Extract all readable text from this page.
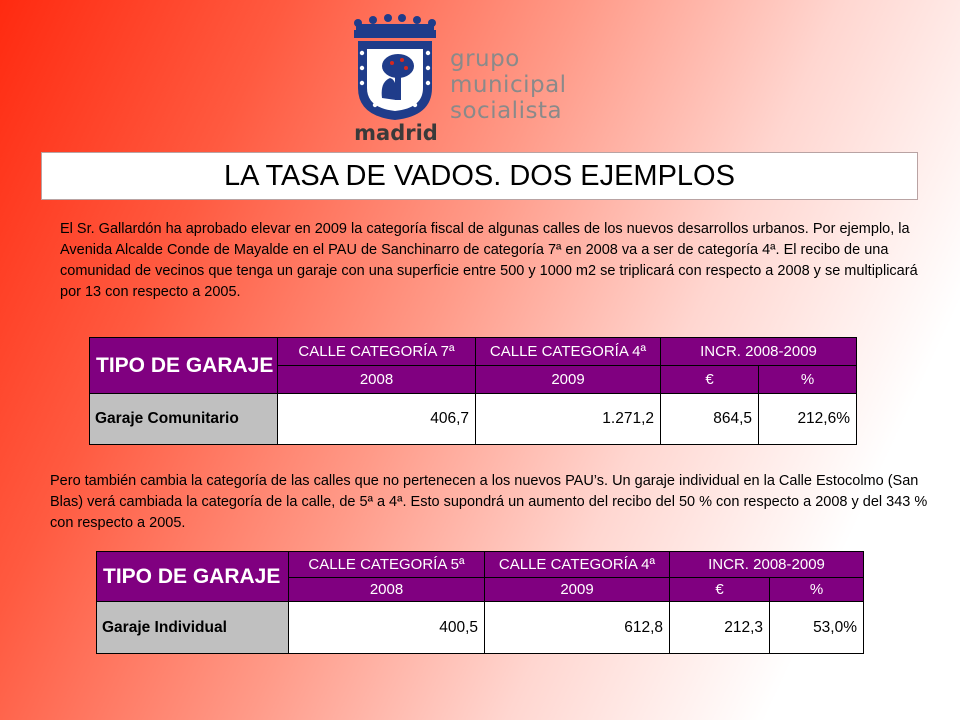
grupo
municipal
socialista
madrid
LA TASA DE VADOS. DOS EJEMPLOS

El Sr. Gallardón ha aprobado elevar en 2009 la categoría fiscal de algunas calles de los nuevos desarrollos urbanos. Por ejemplo, la Avenida Alcalde Conde de Mayalde en el PAU de Sanchinarro de categoría 7ª en 2008 va a ser de categoría 4ª. El recibo de una comunidad de vecinos que tenga un garaje con una superficie entre 500 y 1000 m2 se triplicará con respecto a 2008 y se multiplicará por 13 con respecto a 2005.

TIPO DE GARAJE	CALLE CATEGORÍA 7ª	CALLE CATEGORÍA 4ª	INCR. 2008-2009	
	2008	2009	€	%
Garaje Comunitario	406,7	1.271,2	864,5	212,6%

Pero también cambia la categoría de las calles que no pertenecen a los nuevos PAU’s. Un garaje individual en la Calle Estocolmo (San Blas) verá cambiada la categoría de la calle, de 5ª a 4ª. Esto supondrá un aumento del recibo del 50 % con respecto a 2008 y del 343 % con respecto a 2005.

TIPO DE GARAJE	CALLE CATEGORÍA 5ª	CALLE CATEGORÍA 4ª	INCR. 2008-2009	
	2008	2009	€	%
Garaje Individual	400,5	612,8	212,3	53,0%
